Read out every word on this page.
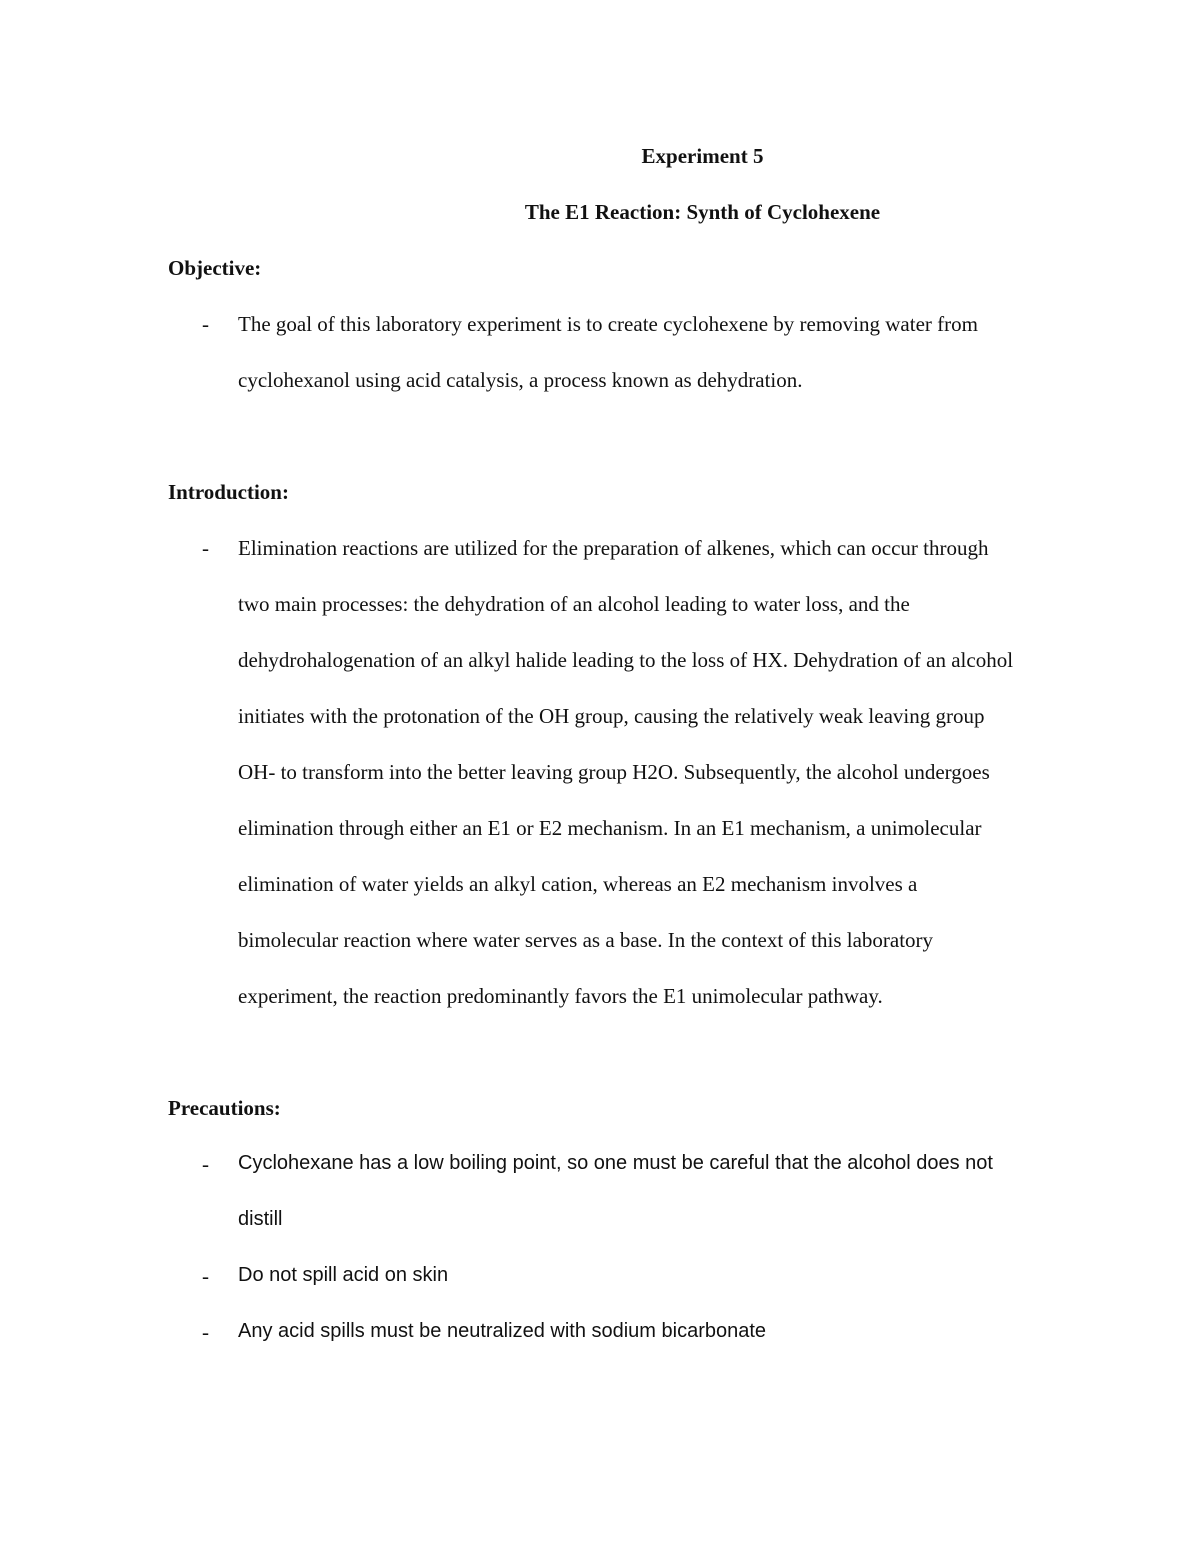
Experiment 5

The E1 Reaction: Synth of Cyclohexene

Objective:

- The goal of this laboratory experiment is to create cyclohexene by removing water from

cyclohexanol using acid catalysis, a process known as dehydration.

Introduction:

- Elimination reactions are utilized for the preparation of alkenes, which can occur through

two main processes: the dehydration of an alcohol leading to water loss, and the

dehydrohalogenation of an alkyl halide leading to the loss of HX. Dehydration of an alcohol

initiates with the protonation of the OH group, causing the relatively weak leaving group

OH- to transform into the better leaving group H2O. Subsequently, the alcohol undergoes

elimination through either an E1 or E2 mechanism. In an E1 mechanism, a unimolecular

elimination of water yields an alkyl cation, whereas an E2 mechanism involves a

bimolecular reaction where water serves as a base. In the context of this laboratory

experiment, the reaction predominantly favors the E1 unimolecular pathway.

Precautions:

- Cyclohexane has a low boiling point, so one must be careful that the alcohol does not

distill

- Do not spill acid on skin

- Any acid spills must be neutralized with sodium bicarbonate
